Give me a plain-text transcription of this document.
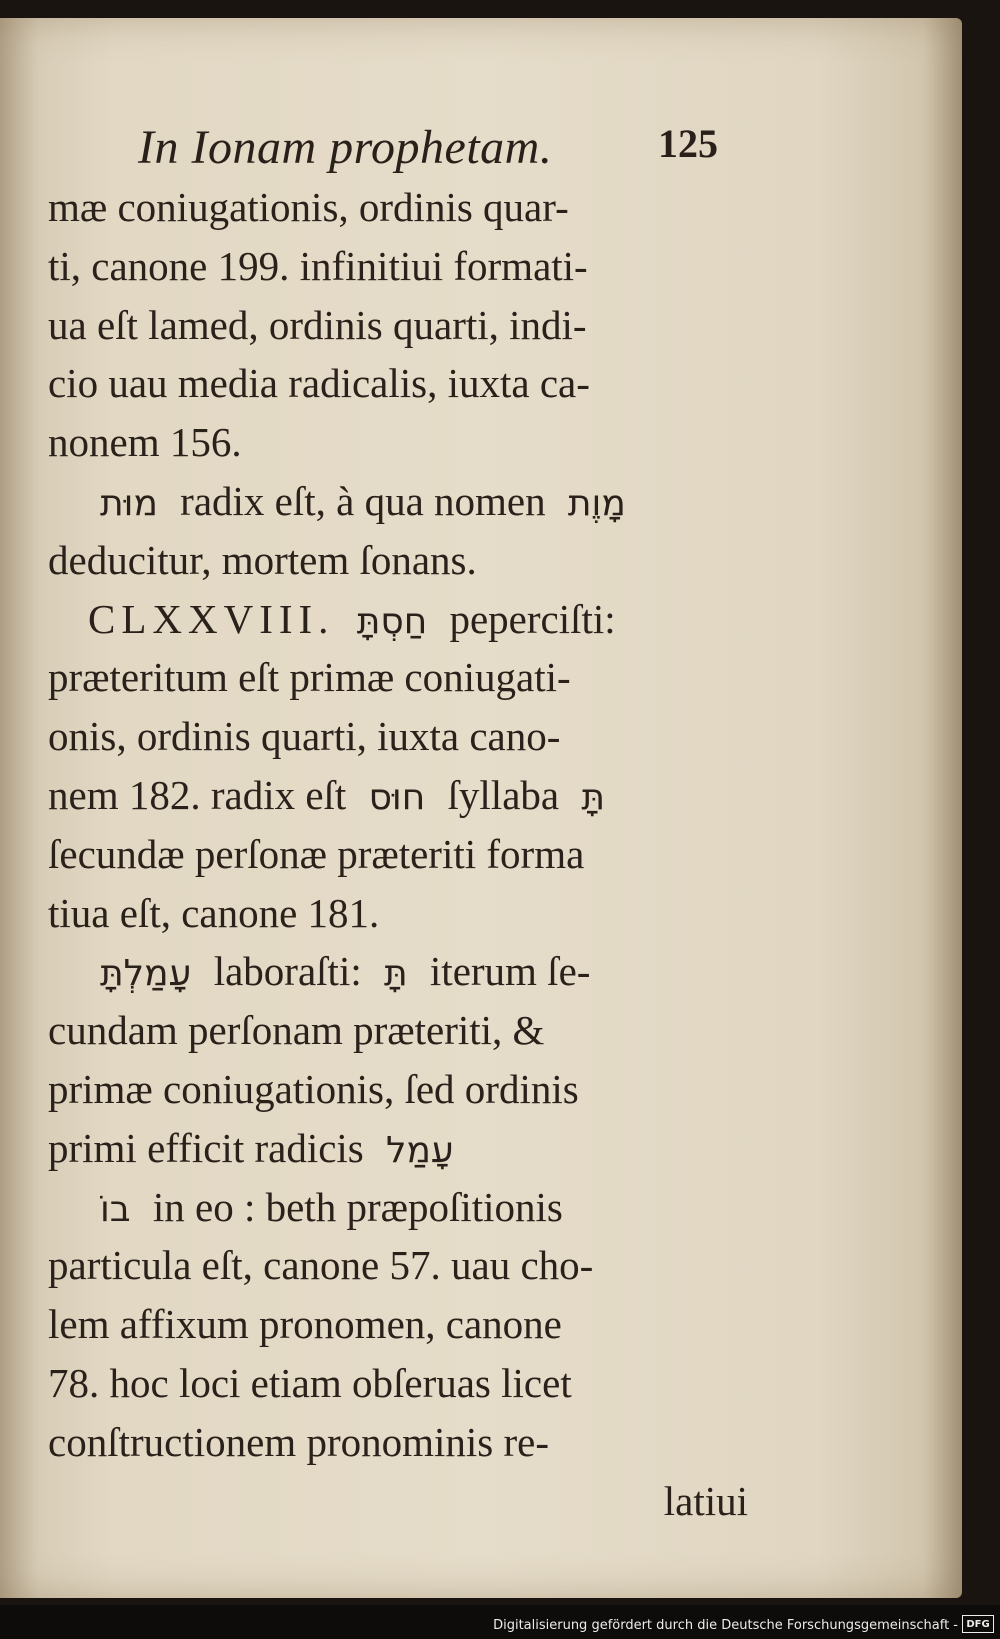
In Ionam prophetam.	125
mæ coniugationis, ordinis quar-
ti, canone 199. infinitiui formati-
ua eſt lamed, ordinis quarti, indi-
cio uau media radicalis, iuxta ca-
nonem 156.
מוּת radix eſt, à qua nomen מָוֶת
deducitur, mortem ſonans.
CLXXVIII. חַסְתָּ peperciſti:
præteritum eſt primæ coniugati-
onis, ordinis quarti, iuxta cano-
nem 182. radix eſt חוּס ſyllaba תָּ
ſecundæ perſonæ præteriti forma
tiua eſt, canone 181.
עָמַלְתָּ laboraſti: תָּ iterum ſe-
cundam perſonam præteriti, &
primæ coniugationis, ſed ordinis
primi efficit radicis עָמַל
בוֹ in eo : beth præpoſitionis
particula eſt, canone 57. uau cho-
lem affixum pronomen, canone
78. hoc loci etiam obſeruas licet
conſtructionem pronominis re-
latiui
Digitalisierung gefördert durch die Deutsche Forschungsgemeinschaft - DFG
